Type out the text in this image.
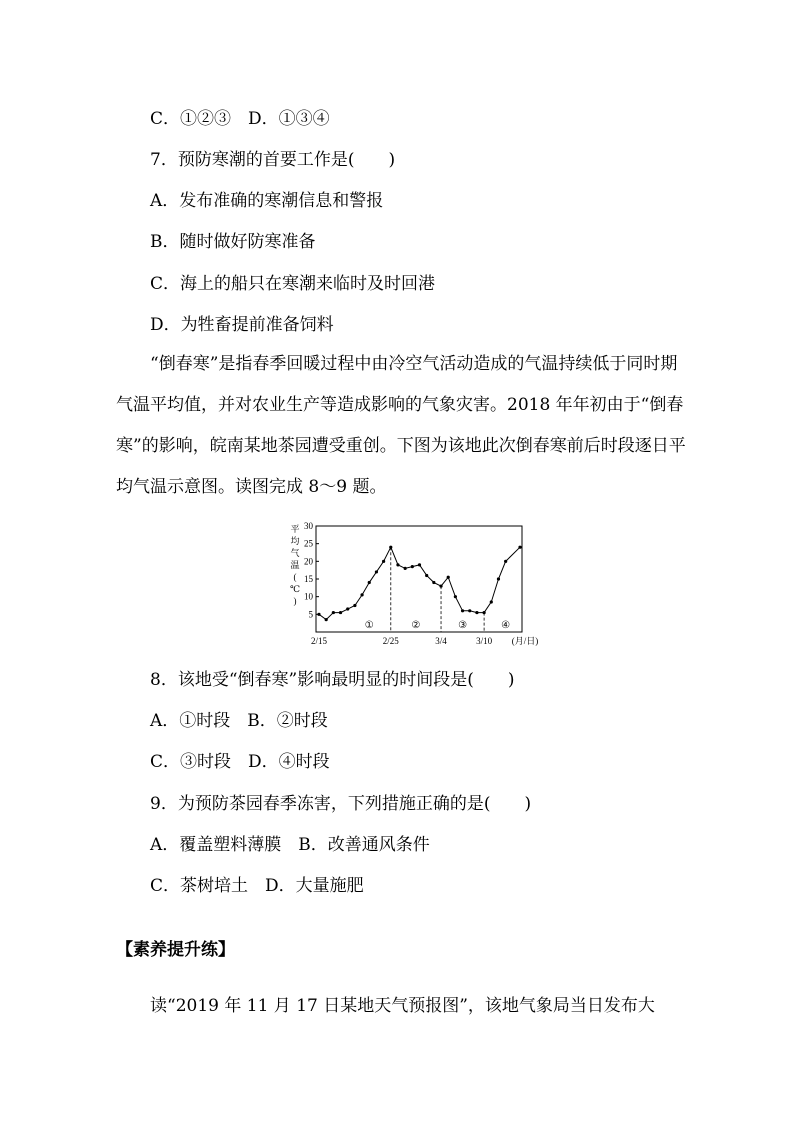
C．①②③　D．①③④
7．预防寒潮的首要工作是(　　)
A．发布准确的寒潮信息和警报
B．随时做好防寒准备
C．海上的船只在寒潮来临时及时回港
D．为牲畜提前准备饲料
“倒春寒”是指春季回暖过程中由冷空气活动造成的气温持续低于同时期气温平均值，并对农业生产等造成影响的气象灾害。2018 年年初由于“倒春寒”的影响，皖南某地茶园遭受重创。下图为该地此次倒春寒前后时段逐日平均气温示意图。读图完成 8～9 题。
平
均
气
温
(
℃
)
5
10
15
20
25
30
①	②	③	④
2/15	2/25	3/4	3/10 (月/日)
8．该地受“倒春寒”影响最明显的时间段是(　　)
A．①时段　B．②时段
C．③时段　D．④时段
9．为预防茶园春季冻害，下列措施正确的是(　　)
A．覆盖塑料薄膜　B．改善通风条件
C．茶树培土　D．大量施肥
【素养提升练】
读“2019 年 11 月 17 日某地天气预报图”，该地气象局当日发布大
